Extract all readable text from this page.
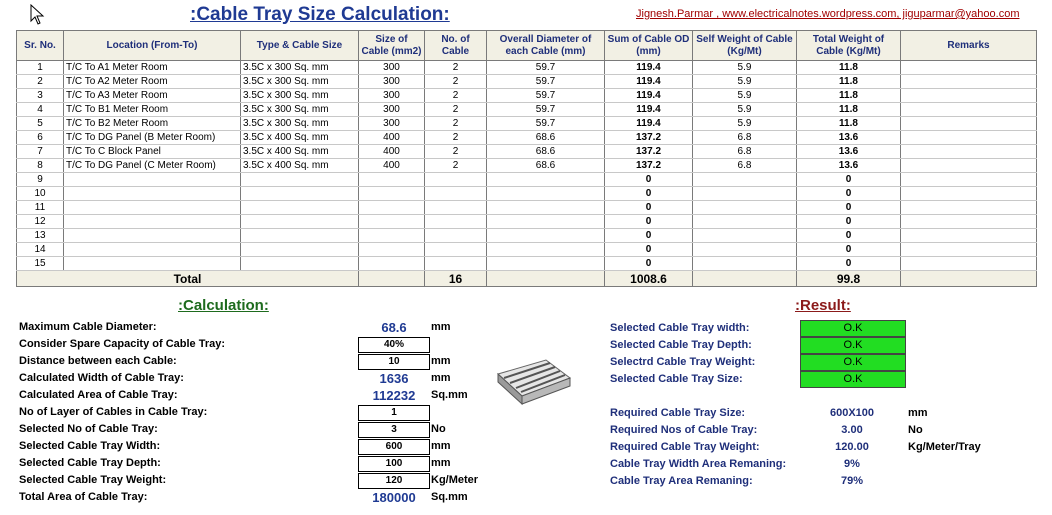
:Cable Tray Size Calculation:	Jignesh.Parmar , www.electricalnotes.wordpress.com, jiguparmar@yahoo.com
Sr. No.	Location (From-To)	Type & Cable Size	Size of Cable (mm2)	No. of Cable	Overall Diameter of each Cable (mm)	Sum of Cable OD (mm)	Self Weight of Cable (Kg/Mt)	Total Weight of Cable (Kg/Mt)	Remarks
1	T/C To A1 Meter Room	3.5C x 300 Sq. mm	300	2	59.7	119.4	5.9	11.8	
2	T/C To A2 Meter Room	3.5C x 300 Sq. mm	300	2	59.7	119.4	5.9	11.8	
3	T/C To A3 Meter Room	3.5C x 300 Sq. mm	300	2	59.7	119.4	5.9	11.8	
4	T/C To B1 Meter Room	3.5C x 300 Sq. mm	300	2	59.7	119.4	5.9	11.8	
5	T/C To B2 Meter Room	3.5C x 300 Sq. mm	300	2	59.7	119.4	5.9	11.8	
6	T/C To DG Panel (B Meter Room)	3.5C x 400 Sq. mm	400	2	68.6	137.2	6.8	13.6	
7	T/C To C Block Panel	3.5C x 400 Sq. mm	400	2	68.6	137.2	6.8	13.6	
8	T/C To DG Panel (C Meter Room)	3.5C x 400 Sq. mm	400	2	68.6	137.2	6.8	13.6	
9						0		0	
10						0		0	
11						0		0	
12						0		0	
13						0		0	
14						0		0	
15						0		0	
Total				16		1008.6		99.8	
:Calculation:
Maximum Cable Diameter:	68.6	mm
Consider Spare Capacity of Cable Tray:	40%
Distance between each Cable:	10	mm
Calculated Width of Cable Tray:	1636	mm
Calculated Area of Cable Tray:	112232	Sq.mm
No of Layer of Cables in Cable Tray:	1
Selected No of Cable Tray:	3	No
Selected Cable Tray Width:	600	mm
Selected Cable Tray Depth:	100	mm
Selected Cable Tray Weight:	120	Kg/Meter
Total Area of Cable Tray:	180000	Sq.mm
:Result:
Selected Cable Tray width:	O.K
Selected Cable Tray Depth:	O.K
Selectrd Cable Tray Weight:	O.K
Selected Cable Tray Size:	O.K
Required Cable Tray Size:	600X100	mm
Required Nos of Cable Tray:	3.00	No
Required Cable Tray Weight:	120.00	Kg/Meter/Tray
Cable Tray Width Area Remaning:	9%
Cable Tray Area Remaning:	79%
